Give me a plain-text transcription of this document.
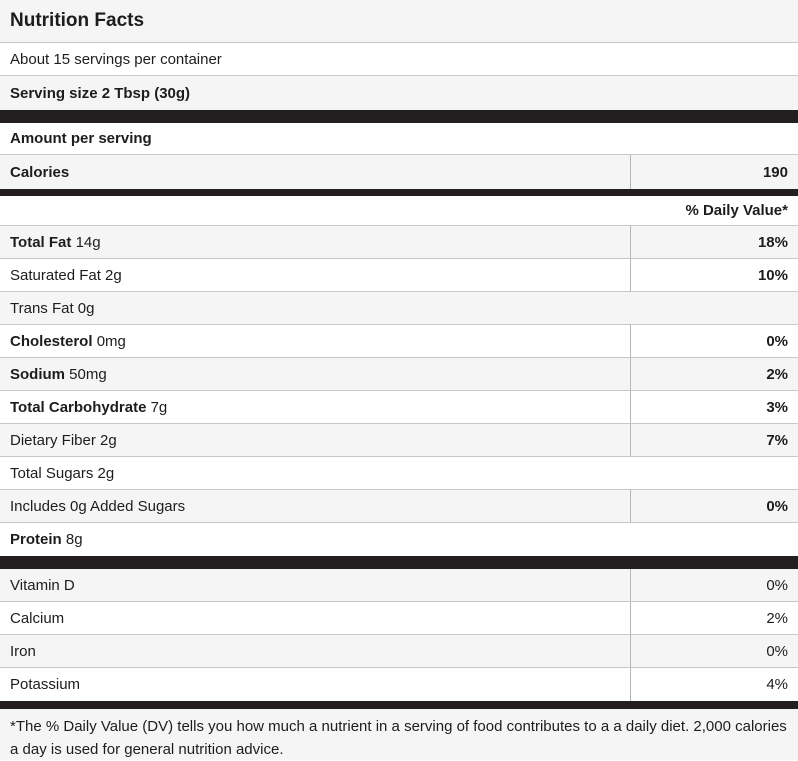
Nutrition Facts
About 15 servings per container
Serving size 2 Tbsp (30g)
Amount per serving
Calories	190
% Daily Value*
Total Fat 14g	18%
Saturated Fat 2g	10%
Trans Fat 0g
Cholesterol 0mg	0%
Sodium 50mg	2%
Total Carbohydrate 7g	3%
Dietary Fiber 2g	7%
Total Sugars 2g
Includes 0g Added Sugars	0%
Protein 8g
Vitamin D	0%
Calcium	2%
Iron	0%
Potassium	4%
*The % Daily Value (DV) tells you how much a nutrient in a serving of food contributes to a a daily diet. 2,000 calories a day is used for general nutrition advice.
